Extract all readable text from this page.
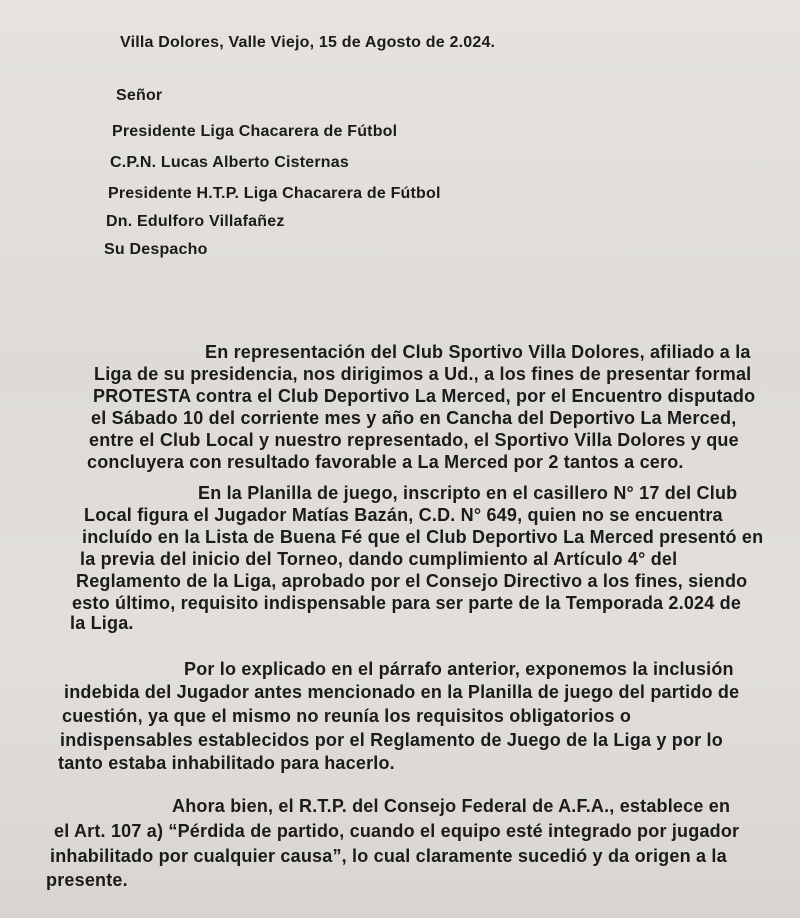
Villa Dolores, Valle Viejo, 15 de Agosto de 2.024.
Señor
Presidente Liga Chacarera de Fútbol
C.P.N. Lucas Alberto Cisternas
Presidente H.T.P. Liga Chacarera de Fútbol
Dn. Edulforo Villafañez
Su Despacho
En representación del Club Sportivo Villa Dolores, afiliado a la
Liga de su presidencia, nos dirigimos a Ud., a los fines de presentar formal
PROTESTA contra el Club Deportivo La Merced, por el Encuentro disputado
el Sábado 10 del corriente mes y año en Cancha del Deportivo La Merced,
entre el Club Local y nuestro representado, el Sportivo Villa Dolores y que
concluyera con resultado favorable a La Merced por 2 tantos a cero.
En la Planilla de juego, inscripto en el casillero N° 17 del Club
Local figura el Jugador Matías Bazán, C.D. N° 649, quien no se encuentra
incluído en la Lista de Buena Fé que el Club Deportivo La Merced presentó en
la previa del inicio del Torneo, dando cumplimiento al Artículo 4° del
Reglamento de la Liga, aprobado por el Consejo Directivo a los fines, siendo
esto último, requisito indispensable para ser parte de la Temporada 2.024 de
la Liga.
Por lo explicado en el párrafo anterior, exponemos la inclusión
indebida del Jugador antes mencionado en la Planilla de juego del partido de
cuestión, ya que el mismo no reunía los requisitos obligatorios o
indispensables establecidos por el Reglamento de Juego de la Liga y por lo
tanto estaba inhabilitado para hacerlo.
Ahora bien, el R.T.P. del Consejo Federal de A.F.A., establece en
el Art. 107 a) “Pérdida de partido, cuando el equipo esté integrado por jugador
inhabilitado por cualquier causa”, lo cual claramente sucedió y da origen a la
presente.
